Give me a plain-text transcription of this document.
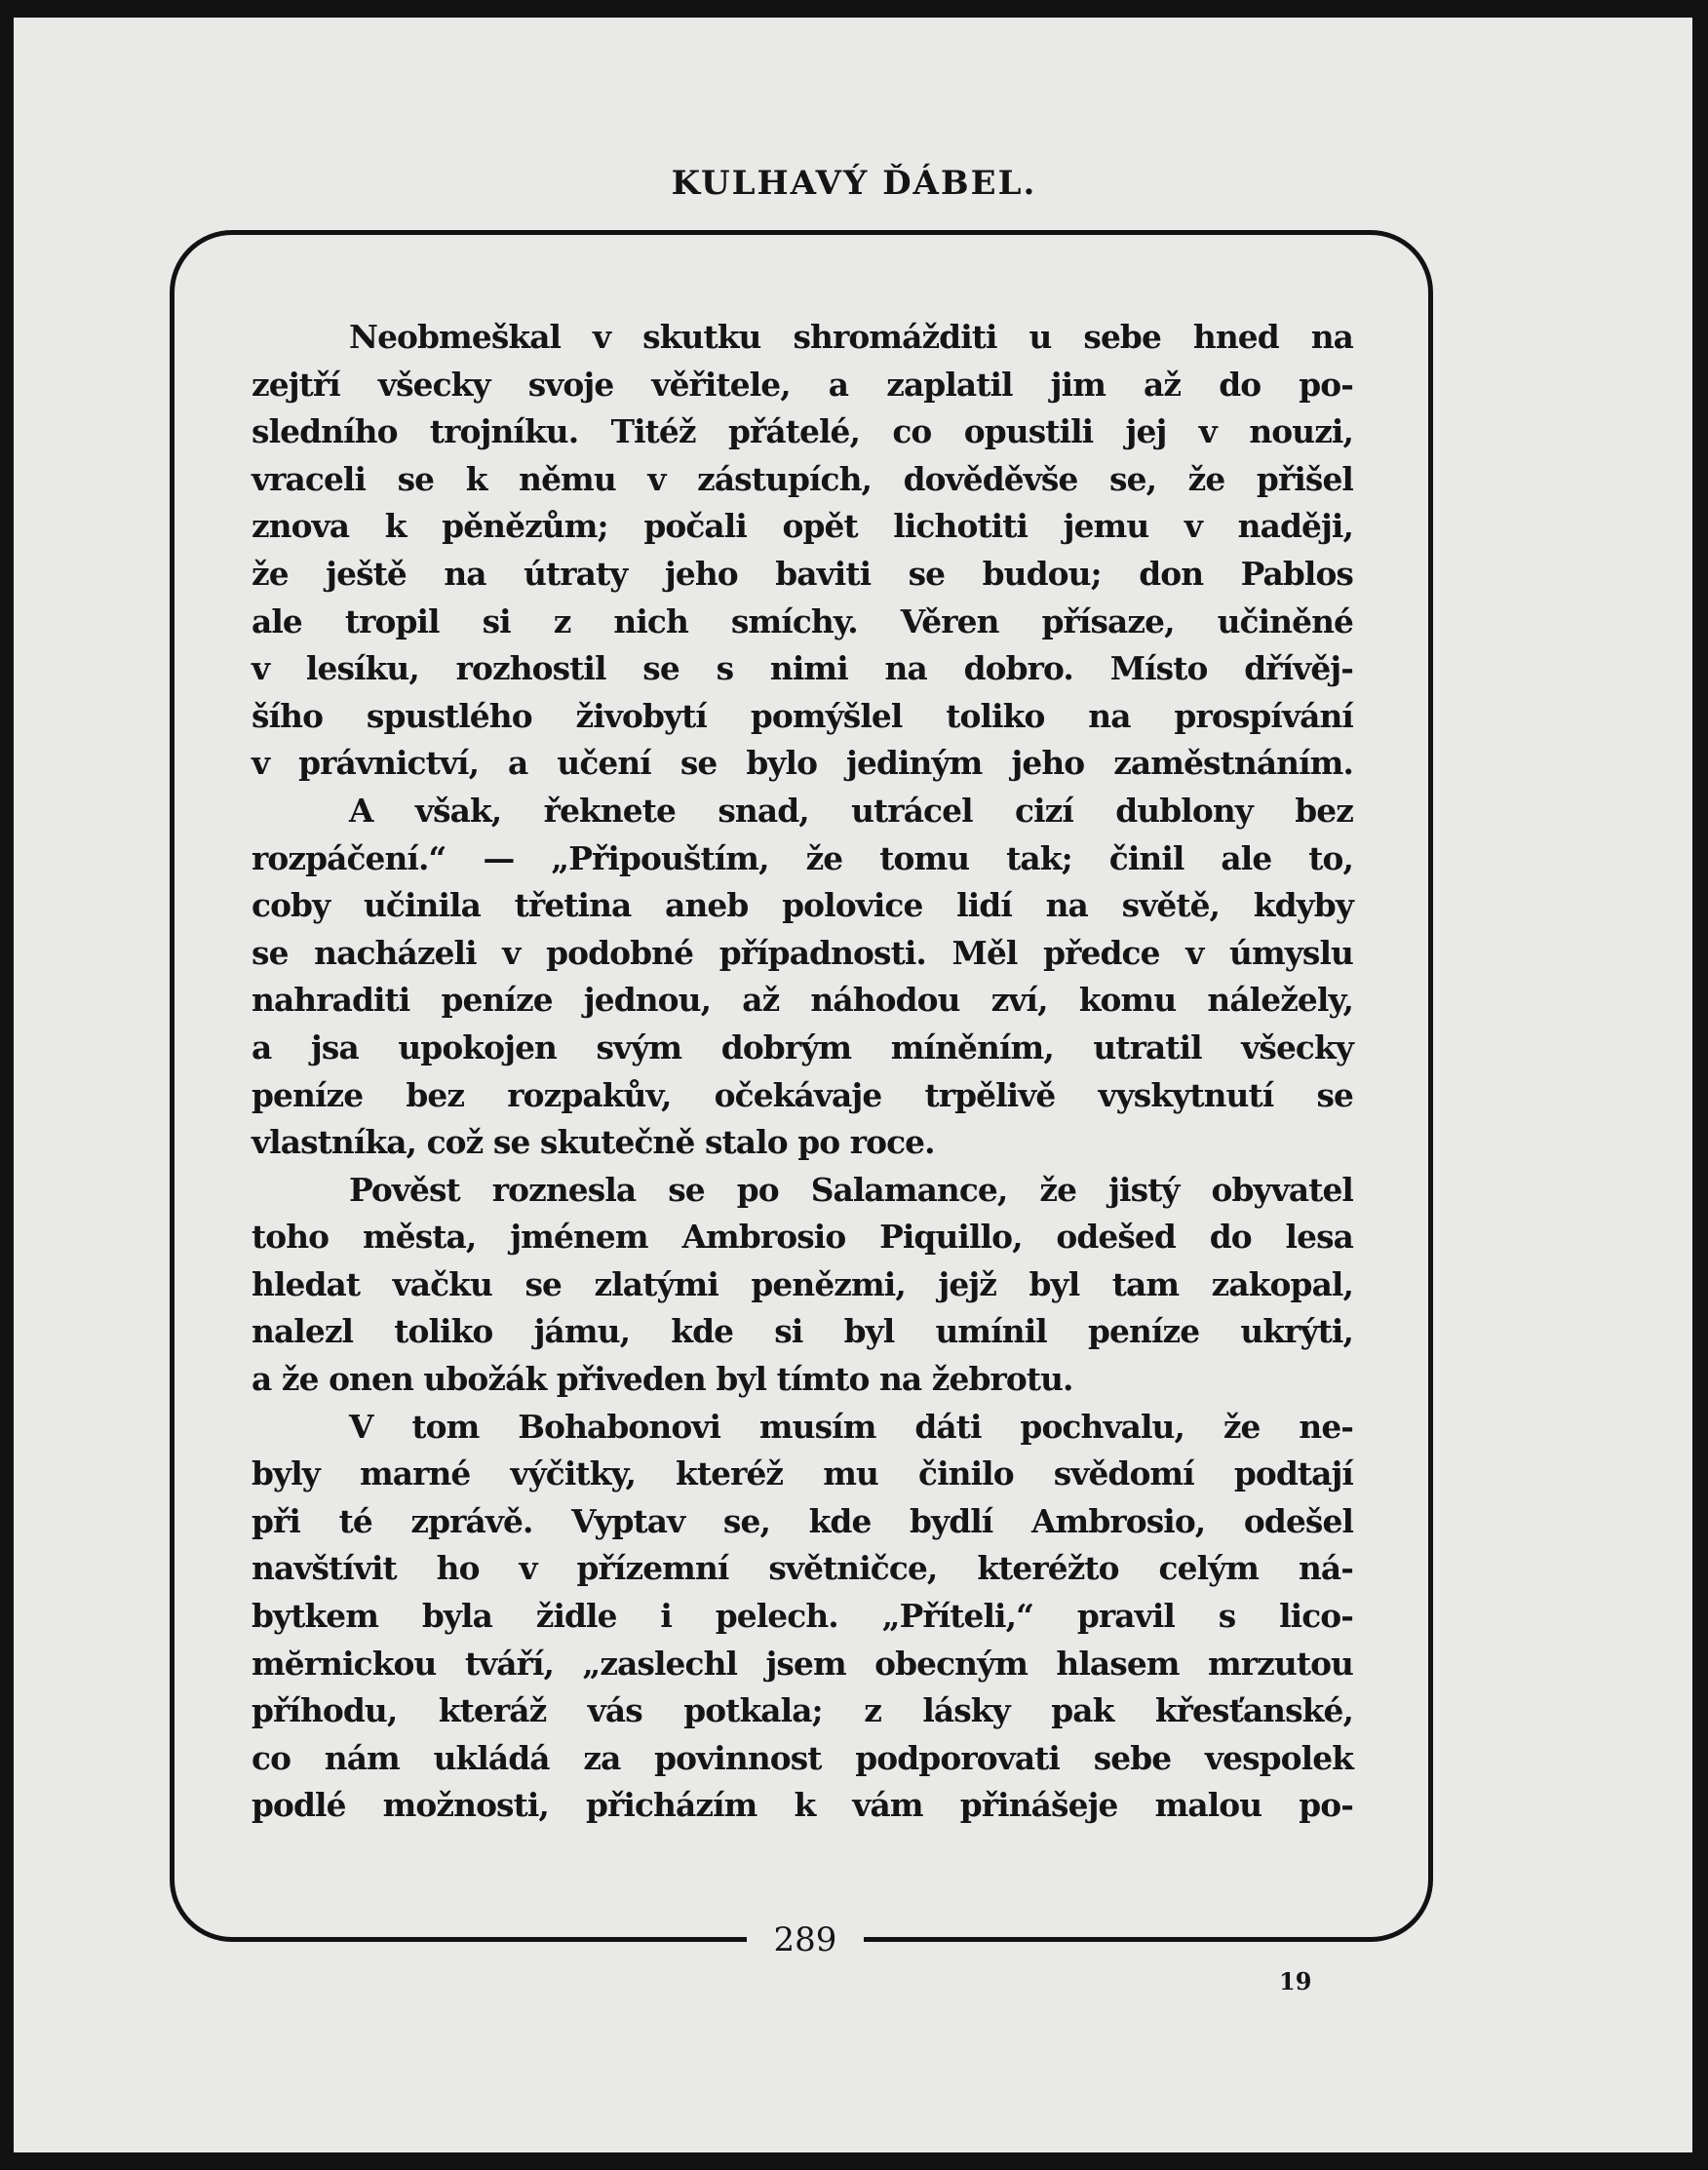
KULHAVÝ ĎÁBEL.
Neobmeškal v skutku shromážditi u sebe hned na
zejtří všecky svoje věřitele, a zaplatil jim až do po-
sledního trojníku. Titéž přátelé, co opustili jej v nouzi,
vraceli se k němu v zástupích, dověděvše se, že přišel
znova k pěnězům; počali opět lichotiti jemu v naději,
že ještě na útraty jeho baviti se budou; don Pablos
ale tropil si z nich smíchy. Věren přísaze, učiněné
v lesíku, rozhostil se s nimi na dobro. Místo dřívěj-
šího spustlého živobytí pomýšlel toliko na prospívání
v právnictví, a učení se bylo jediným jeho zaměstnáním.
A však, řeknete snad, utrácel cizí dublony bez
rozpáčení.“ — „Připouštím, že tomu tak; činil ale to,
coby učinila třetina aneb polovice lidí na světě, kdyby
se nacházeli v podobné případnosti. Měl předce v úmyslu
nahraditi peníze jednou, až náhodou zví, komu náležely,
a jsa upokojen svým dobrým míněním, utratil všecky
peníze bez rozpakův, očekávaje trpělivě vyskytnutí se
vlastníka, což se skutečně stalo po roce.
Pověst roznesla se po Salamance, že jistý obyvatel
toho města, jménem Ambrosio Piquillo, odešed do lesa
hledat vačku se zlatými penězmi, jejž byl tam zakopal,
nalezl toliko jámu, kde si byl umínil peníze ukrýti,
a že onen ubožák přiveden byl tímto na žebrotu.
V tom Bohabonovi musím dáti pochvalu, že ne-
byly marné výčitky, kteréž mu činilo svědomí podtají
při té zprávě. Vyptav se, kde bydlí Ambrosio, odešel
navštívit ho v přízemní světničce, kteréžto celým ná-
bytkem byla židle i pelech. „Příteli,“ pravil s lico-
mĕrnickou tváří, „zaslechl jsem obecným hlasem mrzutou
příhodu, kteráž vás potkala; z lásky pak křesťanské,
co nám ukládá za povinnost podporovati sebe vespolek
podlé možnosti, přicházím k vám přinášeje malou po-
289
19
